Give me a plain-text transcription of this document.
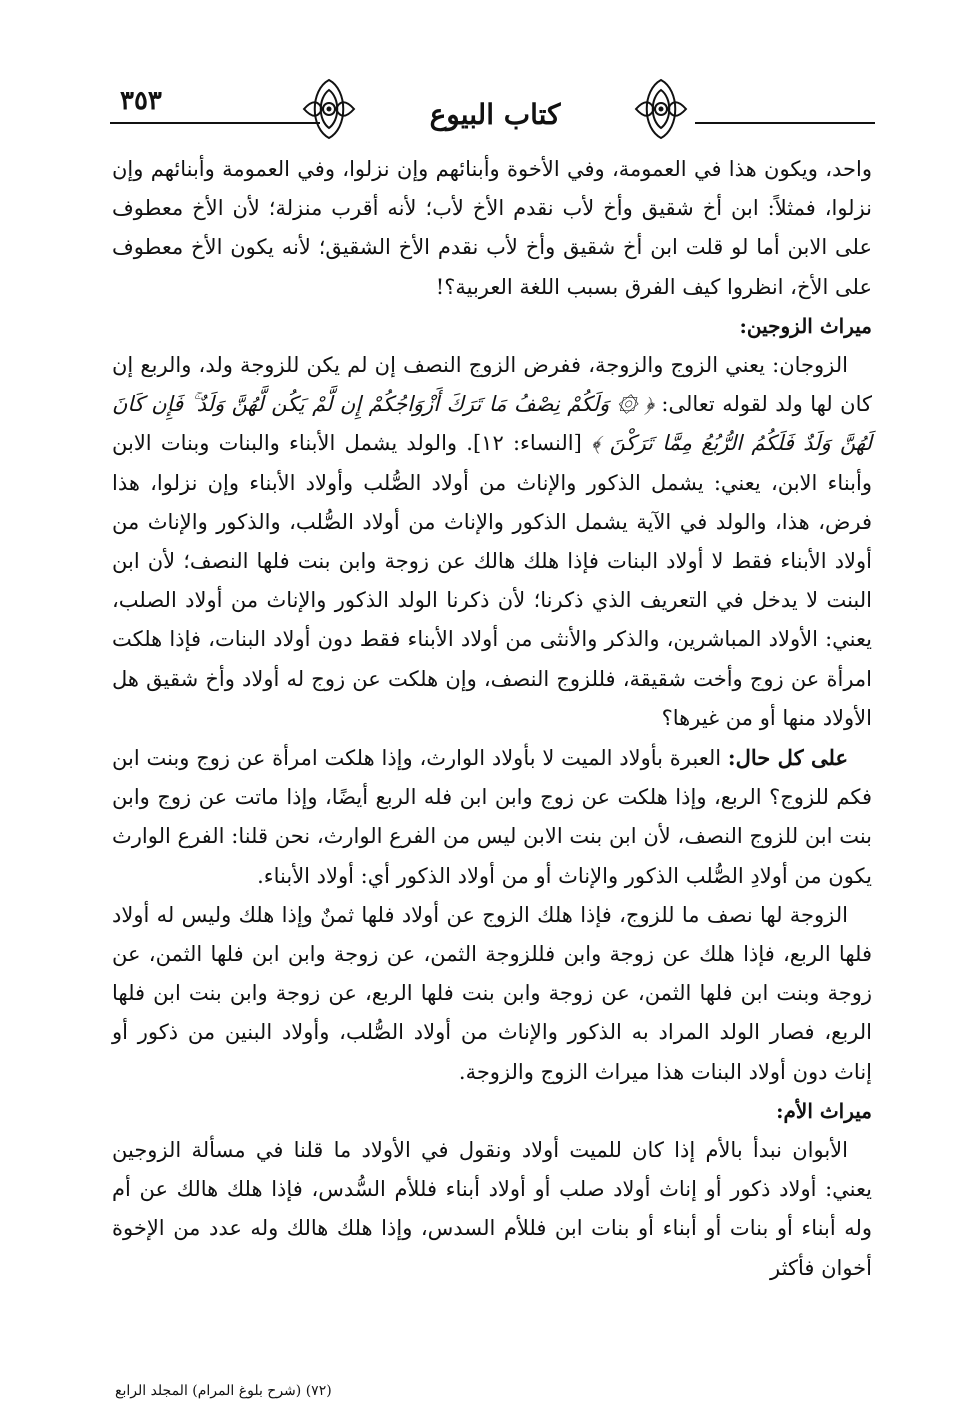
٣٥٣	كتاب البيوع

واحد، ويكون هذا في العمومة، وفي الأخوة وأبنائهم وإن نزلوا، وفي العمومة وأبنائهم وإن نزلوا، فمثلاً: ابن أخ شقيق وأخ لأب نقدم الأخ لأب؛ لأنه أقرب منزلة؛ لأن الأخ معطوف على الابن أما لو قلت ابن أخ شقيق وأخ لأب نقدم الأخ الشقيق؛ لأنه يكون الأخ معطوف على الأخ، انظروا كيف الفرق بسبب اللغة العربية؟!

ميراث الزوجين:

الزوجان: يعني الزوج والزوجة، ففرض الزوج النصف إن لم يكن للزوجة ولد، والربع إن كان لها ولد لقوله تعالى: ﴿ ۞ وَلَكُمْ نِصْفُ مَا تَرَكَ أَزْوَاجُكُمْ إِن لَّمْ يَكُن لَّهُنَّ وَلَدٌ ۚ فَإِن كَانَ لَهُنَّ وَلَدٌ فَلَكُمُ الرُّبُعُ مِمَّا تَرَكْنَ ﴾ [النساء: ١٢]. والولد يشمل الأبناء والبنات وبنات الابن وأبناء الابن، يعني: يشمل الذكور والإناث من أولاد الصُّلب وأولاد الأبناء وإن نزلوا، هذا فرض، هذا، والولد في الآية يشمل الذكور والإناث من أولاد الصُّلب، والذكور والإناث من أولاد الأبناء فقط لا أولاد البنات فإذا هلك هالك عن زوجة وابن بنت فلها النصف؛ لأن ابن البنت لا يدخل في التعريف الذي ذكرنا؛ لأن ذكرنا الولد الذكور والإناث من أولاد الصلب، يعني: الأولاد المباشرين، والذكر والأنثى من أولاد الأبناء فقط دون أولاد البنات، فإذا هلكت امرأة عن زوج وأخت شقيقة، فللزوج النصف، وإن هلكت عن زوج له أولاد وأخ شقيق هل الأولاد منها أو من غيرها؟

على كل حال: العبرة بأولاد الميت لا بأولاد الوارث، وإذا هلكت امرأة عن زوج وبنت ابن فكم للزوج؟ الربع، وإذا هلكت عن زوج وابن ابن فله الربع أيضًا، وإذا ماتت عن زوج وابن بنت ابن للزوج النصف، لأن ابن بنت الابن ليس من الفرع الوارث، نحن قلنا: الفرع الوارث يكون من أولادِ الصُّلب الذكور والإناث أو من أولاد الذكور أي: أولاد الأبناء.

الزوجة لها نصف ما للزوج، فإذا هلك الزوج عن أولاد فلها ثمنٌ وإذا هلك وليس له أولاد فلها الربع، فإذا هلك عن زوجة وابن فللزوجة الثمن، عن زوجة وابن ابن فلها الثمن، عن زوجة وبنت ابن فلها الثمن، عن زوجة وابن بنت فلها الربع، عن زوجة وابن بنت ابن فلها الربع، فصار الولد المراد به الذكور والإناث من أولاد الصُّلب، وأولاد البنين من ذكور أو إناث دون أولاد البنات هذا ميراث الزوج والزوجة.

ميراث الأم:

الأبوان نبدأ بالأم إذا كان للميت أولاد ونقول في الأولاد ما قلنا في مسألة الزوجين يعني: أولاد ذكور أو إناث أولاد صلب أو أولاد أبناء فللأم السُّدس، فإذا هلك هالك عن أم وله أبناء أو بنات أو أبناء أو بنات ابن فللأم السدس، وإذا هلك هالك وله عدد من الإخوة أخوان فأكثر

(٧٢) (شرح بلوغ المرام) المجلد الرابع
